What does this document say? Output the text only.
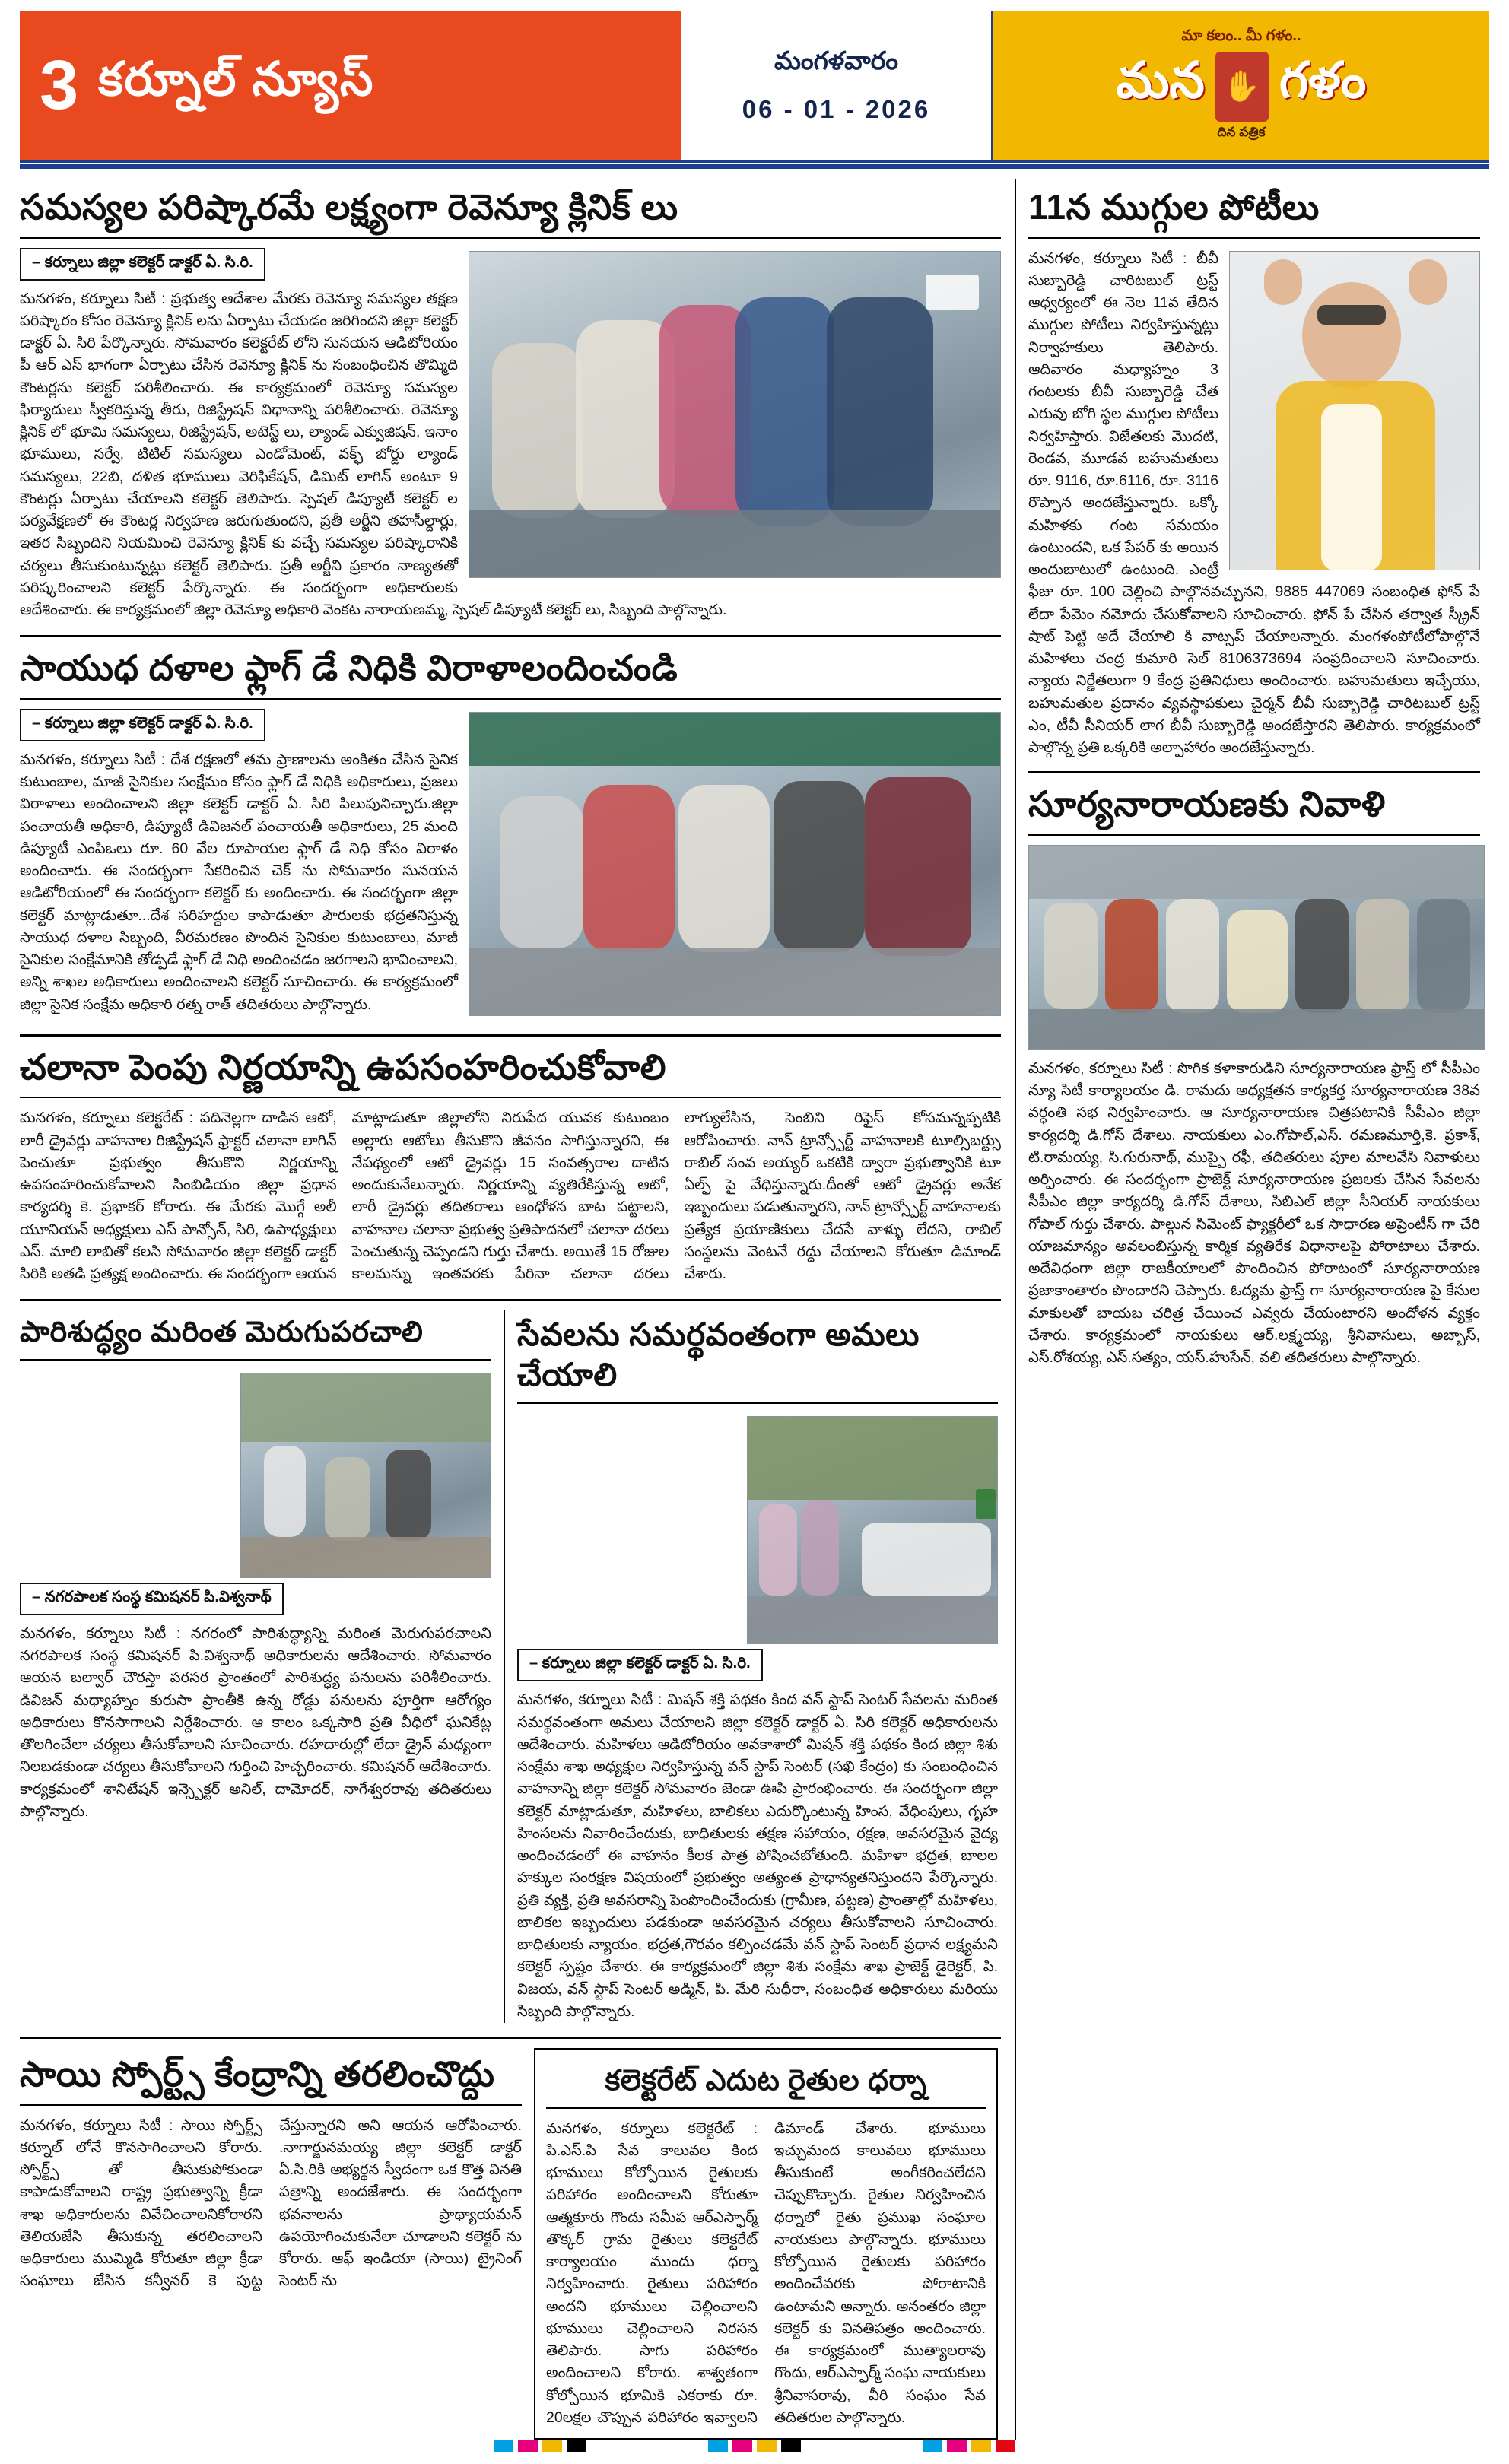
3 కర్నూల్ న్యూస్	మంగళవారం
06 - 01 - 2026
మా కలం.. మీ గళం..
మన ✋ గళం
దిన పత్రిక
సమస్యల పరిష్కారమే లక్ష్యంగా రెవెన్యూ క్లినిక్ లు
– కర్నూలు జిల్లా కలెక్టర్ డాక్టర్ ఏ. సి.రి.
మనగళం, కర్నూలు సిటీ : ప్రభుత్వ ఆదేశాల మేరకు రెవెన్యూ సమస్యల తక్షణ పరిష్కారం కోసం రెవెన్యూ క్లినిక్ లను ఏర్పాటు చేయడం జరిగిందని జిల్లా కలెక్టర్ డాక్టర్ ఏ. సిరి పేర్కొన్నారు. సోమవారం కలెక్టరేట్ లోని సునయన ఆడిటోరియం పీ ఆర్ ఎస్ భాగంగా ఏర్పాటు చేసిన రెవెన్యూ క్లినిక్ ను సంబంధించిన తొమ్మిది కౌంటర్లను కలెక్టర్ పరిశీలించారు. ఈ కార్యక్రమంలో రెవెన్యూ సమస్యల ఫిర్యాదులు స్వీకరిస్తున్న తీరు, రిజిస్ట్రేషన్ విధానాన్ని పరిశీలించారు. రెవెన్యూ క్లినిక్ లో భూమి సమస్యలు, రిజిస్ట్రేషన్, అటెస్ట్ లు, ల్యాండ్ ఎక్వుజిషన్, ఇనాం భూములు, సర్వే, టిటిల్ సమస్యలు ఎండోమెంట్, వక్ఫ్ బోర్డు ల్యాండ్ సమస్యలు, 22బి, దళిత భూములు వెరిఫికేషన్, డిమిట్ లాగిన్ అంటూ 9 కౌంటర్లు ఏర్పాటు చేయాలని కలెక్టర్ తెలిపారు. స్పెషల్ డిప్యూటీ కలెక్టర్ ల పర్యవేక్షణలో ఈ కౌంటర్ల నిర్వహణ జరుగుతుందని, ప్రతీ అర్జీని తహసీల్దార్లు, ఇతర సిబ్బందిని నియమించి రెవెన్యూ క్లినిక్ కు వచ్చే సమస్యల పరిష్కారానికి చర్యలు తీసుకుంటున్నట్లు కలెక్టర్ తెలిపారు. ప్రతీ అర్జీని ప్రకారం నాణ్యతతో పరిష్కరించాలని కలెక్టర్ పేర్కొన్నారు. ఈ సందర్భంగా అధికారులకు ఆదేశించారు. ఈ కార్యక్రమంలో జిల్లా రెవెన్యూ అధికారి వెంకట నారాయణమ్మ, స్పెషల్ డిప్యూటీ కలెక్టర్ లు, సిబ్బంది పాల్గొన్నారు.
సాయుధ దళాల ఫ్లాగ్ డే నిధికి విరాళాలందించండి
– కర్నూలు జిల్లా కలెక్టర్ డాక్టర్ ఏ. సి.రి.
మనగళం, కర్నూలు సిటీ : దేశ రక్షణలో తమ ప్రాణాలను అంకితం చేసిన సైనిక కుటుంబాల, మాజీ సైనికుల సంక్షేమం కోసం ఫ్లాగ్ డే నిధికి అధికారులు, ప్రజలు విరాళాలు అందించాలని జిల్లా కలెక్టర్ డాక్టర్ ఏ. సిరి పిలుపునిచ్చారు.జిల్లా పంచాయతీ అధికారి, డిప్యూటీ డివిజనల్ పంచాయతీ అధికారులు, 25 మంది డిప్యూటీ ఎంపిఒలు రూ. 60 వేల రూపాయల ఫ్లాగ్ డే నిధి కోసం విరాళం అందించారు. ఈ సందర్భంగా సేకరించిన చెక్ ను సోమవారం సునయన ఆడిటోరియంలో ఈ సందర్భంగా కలెక్టర్ కు అందించారు. ఈ సందర్భంగా జిల్లా కలెక్టర్ మాట్లాడుతూ...దేశ సరిహద్దుల కాపాడుతూ పౌరులకు భద్రతనిస్తున్న సాయుధ దళాల సిబ్బంది, వీరమరణం పొందిన సైనికుల కుటుంబాలు, మాజీ సైనికుల సంక్షేమానికి తోడ్పడే ఫ్లాగ్ డే నిధి అందించడం జరగాలని భావించాలని, అన్ని శాఖల అధికారులు అందించాలని కలెక్టర్ సూచించారు. ఈ కార్యక్రమంలో జిల్లా సైనిక సంక్షేమ అధికారి రత్న రాత్ తదితరులు పాల్గొన్నారు.
చలానా పెంపు నిర్ణయాన్ని ఉపసంహరించుకోవాలి
మనగళం, కర్నూలు కలెక్టరేట్ : పదినెల్లగా దాడిన ఆటో, లారీ డ్రైవర్లు వాహనాల రిజిస్ట్రేషన్ ఫ్రాక్టర్ చలానా లాగిన్ పెంచుతూ ప్రభుత్వం తీసుకొని నిర్ణయాన్ని ఉపసంహరించుకోవాలని సింబిడియం జిల్లా ప్రధాన కార్యదర్శి కె. ప్రభాకర్ కోరారు. ఈ మేరకు మొగ్గే అలీ యూనియన్ అధ్యక్షులు ఎస్ పాన్సోన్, సిరి, ఉపాధ్యక్షులు ఎస్. మాలి లాబితో కలసి సోమవారం జిల్లా కలెక్టర్ డాక్టర్ సిరికి అతడి ప్రత్యక్ష అందించారు. ఈ సందర్భంగా ఆయన మాట్లాడుతూ జిల్లాలోని నిరుపేద యువక కుటుంబం అల్లారు ఆటోలు తీసుకొని జీవనం సాగిస్తున్నారని, ఈ నేపథ్యంలో ఆటో డ్రైవర్లు 15 సంవత్సరాల దాటిన అందుకునేలున్నారు. నిర్ణయాన్ని వ్యతిరేకిస్తున్న ఆటో, లారీ డ్రైవర్లు తదితరాలు ఆంధోళన బాట పట్టాలని, వాహనాల చలానా ప్రభుత్వ ప్రతిపాదనలో చలానా దరలు పెంచుతున్న చెప్పండని గుర్తు చేశారు. అయితే 15 రోజుల కాలమన్ను ఇంతవరకు పేరినా చలానా దరలు లాగ్యులేసిన, సెంబిని రిఫైస్ కోసమన్నప్పటికి ఆరోపించారు. నాన్ ట్రాన్స్పోర్ట్ వాహనాలకి టూల్సిబర్ట్సు రాబిల్ సంవ అయ్యర్ ఒకటికి ద్వారా ప్రభుత్వానికి టూ ఏల్ఫ్ పై వేధిస్తున్నారు.దీంతో ఆటో డ్రైవర్లు అనేక ఇబ్బందులు పడుతున్నారని, నాన్ ట్రాన్స్పోర్ట్ వాహనాలకు ప్రత్యేక ప్రయాణికులు చేదసే వాళ్ళు లేదని, రాబిల్ సంస్థలను వెంటనే రద్దు చేయాలని కోరుతూ డిమాండ్ చేశారు.
పారిశుద్ధ్యం మరింత మెరుగుపరచాలి
– నగరపాలక సంస్థ కమిషనర్ పి.విశ్వనాథ్
మనగళం, కర్నూలు సిటీ : నగరంలో పారిశుద్ధ్యాన్ని మరింత మెరుగుపరచాలని నగరపాలక సంస్థ కమిషనర్ పి.విశ్వనాథ్ అధికారులను ఆదేశించారు. సోమవారం ఆయన బల్వార్ చౌరస్తా పరసర ప్రాంతంలో పారిశుద్ధ్య పనులను పరిశీలించారు. డివిజన్ మధ్యాహ్నం కురుసా ప్రాంతీకి ఉన్న రోడ్డు పనులను పూర్తిగా ఆరోగ్యం అధికారులు కొనసాగాలని నిర్దేశించారు. ఆ కాలం ఒక్కసారి ప్రతి వీధిలో ఘనికేట్ల తొలగించేలా చర్యలు తీసుకోవాలని సూచించారు. రహదారుల్లో లేదా డ్రైన్ మధ్యంగా నిలబడకుండా చర్యలు తీసుకోవాలని గుర్తించి హెచ్చరించారు. కమిషనర్ ఆదేశించారు. కార్యక్రమంలో శానిటేషన్ ఇన్స్పెక్టర్ అనిల్, దామోదర్, నాగేశ్వరరావు తదితరులు పాల్గొన్నారు.
సేవలను సమర్థవంతంగా అమలు చేయాలి
– కర్నూలు జిల్లా కలెక్టర్ డాక్టర్ ఏ. సి.రి.
మనగళం, కర్నూలు సిటీ : మిషన్ శక్తి పథకం కింద వన్ స్టాప్ సెంటర్ సేవలను మరింత సమర్థవంతంగా అమలు చేయాలని జిల్లా కలెక్టర్ డాక్టర్ ఏ. సిరి కలెక్టర్ అధికారులను ఆదేశించారు. మహిళలు ఆడిటోరియం అవకాశాలో మిషన్ శక్తి పథకం కింద జిల్లా శిశు సంక్షేమ శాఖ అధ్యక్షుల నిర్వహిస్తున్న వన్ స్టాప్ సెంటర్ (సఖి కేంద్రం) కు సంబంధించిన వాహనాన్ని జిల్లా కలెక్టర్ సోమవారం జెండా ఊపి ప్రారంభించారు. ఈ సందర్భంగా జిల్లా కలెక్టర్ మాట్లాడుతూ, మహిళలు, బాలికలు ఎదుర్కొంటున్న హింస, వేధింపులు, గృహ హింసలను నివారించేందుకు, బాధితులకు తక్షణ సహాయం, రక్షణ, అవసరమైన వైద్య అందించడంలో ఈ వాహనం కీలక పాత్ర పోషించబోతుంది. మహిళా భద్రత, బాలల హక్కుల సంరక్షణ విషయంలో ప్రభుత్వం అత్యంత ప్రాధాన్యతనిస్తుందని పేర్కొన్నారు. ప్రతి వ్యక్తి, ప్రతి అవసరాన్ని పెంపొందించేందుకు (గ్రామీణ, పట్టణ) ప్రాంతాల్లో మహిళలు, బాలికల ఇబ్బందులు పడకుండా అవసరమైన చర్యలు తీసుకోవాలని సూచించారు. బాధితులకు న్యాయం, భద్రత,గౌరవం కల్పించడమే వన్ స్టాప్ సెంటర్ ప్రధాన లక్ష్యమని కలెక్టర్ స్పష్టం చేశారు. ఈ కార్యక్రమంలో జిల్లా శిశు సంక్షేమ శాఖ ప్రాజెక్ట్ డైరెక్టర్, పి. విజయ, వన్ స్టాప్ సెంటర్ అడ్మిన్, పి. మేరి సుధీరా, సంబంధిత అధికారులు మరియు సిబ్బంది పాల్గొన్నారు.
సాయి స్పోర్ట్స్ కేంద్రాన్ని తరలించొద్దు
మనగళం, కర్నూలు సిటీ : సాయి స్పోర్ట్స్ కర్నూల్ లోనే కొనసాగించాలని కోరారు. స్పోర్ట్స్ తో తీసుకుపోకుండా కాపాడుకోవాలని రాష్ట్ర ప్రభుత్వాన్ని క్రీడా శాఖ అధికారులను వివేచించాలనికోరారని తెలియజేసి తీసుకున్న తరలించాలని అధికారులు ముమ్మిడి కోరుతూ జిల్లా క్రీడా సంఘాలు జేసిన కన్వీనర్ కె పుట్ట చేస్తున్నారని అని ఆయన ఆరోపించారు. .నాగార్జునమయ్య జిల్లా కలెక్టర్ డాక్టర్ ఏ.సి.రికి అభ్యర్థన స్వీదంగా ఒక కొత్త వినతి పత్రాన్ని అందజేశారు. ఈ సందర్భంగా భవనాలను ప్రాథ్యాయమన్ ఉపయోగించుకునేలా చూడాలని కలెక్టర్ ను కోరారు. ఆఫ్ ఇండియా (సాయి) ట్రైనింగ్ సెంటర్ ను
కలెక్టరేట్ ఎదుట రైతుల ధర్నా
మనగళం, కర్నూలు కలెక్టరేట్ : పి.ఎస్.పి సేవ కాలువల కింద భూములు కోల్పోయిన రైతులకు పరిహారం అందించాలని కోరుతూ ఆత్మకూరు గొందు సమీప ఆర్ఎస్ఫార్మ్ తొక్కర్ గ్రామ రైతులు కలెక్టరేట్ కార్యాలయం ముందు ధర్నా నిర్వహించారు. రైతులు పరిహారం అందని భూములు చెల్లించాలని భూములు చెల్లించాలని నిరసన తెలిపారు. సాగు పరిహారం అందించాలని కోరారు. శాశ్వతంగా కోల్పోయిన భూమికి ఎకరాకు రూ. 20లక్షల చొప్పున పరిహారం ఇవ్వాలని డిమాండ్ చేశారు. భూములు ఇచ్చుమంద కాలువలు భూములు తీసుకుంటే అంగీకరించలేదని చెప్పుకొచ్చారు. రైతుల నిర్వహించిన ధర్నాలో రైతు ప్రముఖ సంఘాల నాయకులు పాల్గొన్నారు. భూములు కోల్పోయిన రైతులకు పరిహారం అందించేవరకు పోరాటానికి ఉంటామని అన్నారు. అనంతరం జిల్లా కలెక్టర్ కు వినతిపత్రం అందించారు. ఈ కార్యక్రమంలో ముత్యాలరావు గొందు, ఆర్ఎస్ఫార్మ్ సంఘ నాయకులు శ్రీనివాసరావు, వీరి సంఘం సేవ తదితరుల పాల్గొన్నారు.
11న ముగ్గుల పోటీలు
మనగళం, కర్నూలు సిటీ : బీవీ సుబ్బారెడ్డి చారిటబుల్ ట్రస్ట్ ఆధ్వర్యంలో ఈ నెల 11వ తేదిన ముగ్గుల పోటీలు నిర్వహిస్తున్నట్లు నిర్వాహకులు తెలిపారు. ఆదివారం మధ్యాహ్నం 3 గంటలకు బీవీ సుబ్బారెడ్డి చేత ఎరువు బోగి స్థల ముగ్గుల పోటీలు నిర్వహిస్తారు. విజేతలకు మొదటి, రెండవ, మూడవ బహుమతులు రూ. 9116, రూ.6116, రూ. 3116 రొప్పాన అందజేస్తున్నారు. ఒక్కో మహిళకు గంట సమయం ఉంటుందని, ఒక పేపర్ కు అయిన అందుబాటులో ఉంటుంది. ఎంట్రీ ఫీజు రూ. 100 చెల్లించి పాల్గొనవచ్చునని, 9885 447069 సంబంధిత ఫోన్ పే లేదా పేమెం నమోదు చేసుకోవాలని సూచించారు. ఫోన్ పే చేసిన తర్వాత స్క్రీన్ షాట్ పెట్టి అదే చేయాలి కి వాట్సప్ చేయాలన్నారు. మంగళంపోటీలోపాల్గొనే మహిళలు చంద్ర కుమారి సెల్ 8106373694 సంప్రదించాలని సూచించారు. న్యాయ నిర్ణేతలుగా 9 కేంద్ర ప్రతినిధులు అందించారు. బహుమతులు ఇచ్చేయు, బహుమతుల ప్రదానం వ్యవస్థాపకులు చైర్మన్ బీవీ సుబ్బారెడ్డి చారిటబుల్ ట్రస్ట్ ఎం, టీవీ సీనియర్ లాగ బీవీ సుబ్బారెడ్డి అందజేస్తారని తెలిపారు. కార్యక్రమంలో పాల్గొన్న ప్రతి ఒక్కరికి అల్పాహారం అందజేస్తున్నారు.
సూర్యనారాయణకు నివాళి
మనగళం, కర్నూలు సిటీ : సొగిక కళాకారుడిని సూర్యనారాయణ ఫ్రాస్త్ లో సీపీఎం న్యూ సిటీ కార్యాలయం డి. రామదు అధ్యక్షతన కార్యకర్త సూర్యనారాయణ 38వ వర్ధంతి సభ నిర్వహించారు. ఆ సూర్యనారాయణ చిత్రపటానికి సీపీఎం జిల్లా కార్యదర్శి డి.గోస్ దేశాలు. నాయకులు ఎం.గోపాల్,ఎస్. రమణమూర్తి,కె. ప్రకాశ్, టి.రామయ్య, సి.గురునాథ్, ముప్పై రఫీ, తదితరులు పూల మాలవేసి నివాళులు అర్పించారు. ఈ సందర్భంగా ప్రాజెక్ట్ సూర్యనారాయణ ప్రజలకు చేసిన సేవలను సీపీఎం జిల్లా కార్యదర్శి డి.గోస్ దేశాలు, సిబిఎల్ జిల్లా సీనియర్ నాయకులు గోపాల్ గుర్తు చేశారు. పాల్గున సిమెంట్ ఫ్యాక్టరీలో ఒక సాధారణ అప్రెంటీస్ గా చేరి యాజమాన్యం అవలంబిస్తున్న కార్మిక వ్యతిరేక విధానాలపై పోరాటాలు చేశారు. అదేవిధంగా జిల్లా రాజకీయాలలో పొందించిన పోరాటంలో సూర్యనారాయణ ప్రజాకాంతారం పొందారని చెప్పారు. ఓద్యమ ఫ్రాస్త్ గా సూర్యనారాయణ పై కేసుల మాకులతో బాయబ చరిత్ర చేయించ ఎవ్వరు చేయంటారని అందోళన వ్యక్తం చేశారు. కార్యక్రమంలో నాయకులు ఆర్.లక్ష్మయ్య, శ్రీనివాసులు, అబ్బాస్, ఎస్.రోశయ్య, ఎస్.సత్యం, యస్.హుసేన్, వలి తదితరులు పాల్గొన్నారు.
